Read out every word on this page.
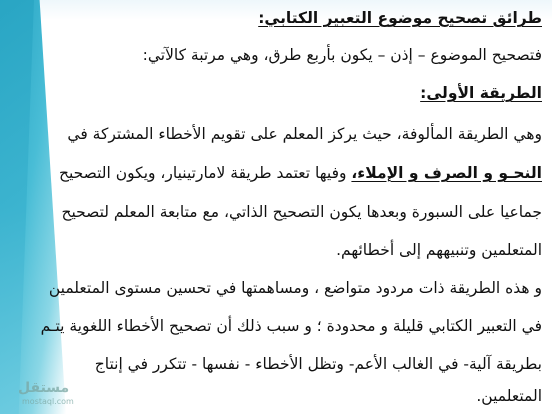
طرائق تصحيح موضوع التعبير الكتابي:
فتصحيح الموضوع – إذن – يكون بأربع طرق، وهي مرتبة كالآتي:
الطريقة الأولى:
وهي الطريقة المألوفة، حيث يركز المعلم على تقويم الأخطاء المشتركة في
النحـو و الصرف و الإملاء، وفيها تعتمد طريقة لامارتينيار، ويكون التصحيح
جماعيا على السبورة وبعدها يكون التصحيح الذاتي، مع متابعة المعلم لتصحيح
المتعلمين وتنبيههم إلى أخطائهم.
و هذه الطريقة ذات مردود متواضع ، ومساهمتها في تحسين مستوى المتعلمين
في التعبير الكتابي قليلة و محدودة ؛ و سبب ذلك أن تصحيح الأخطاء اللغوية يتـم
بطريقة آلية- في الغالب الأعم- وتظل الأخطاء - نفسها - تتكرر في إنتاج
المتعلمين.
مستقل
mostaql.com
